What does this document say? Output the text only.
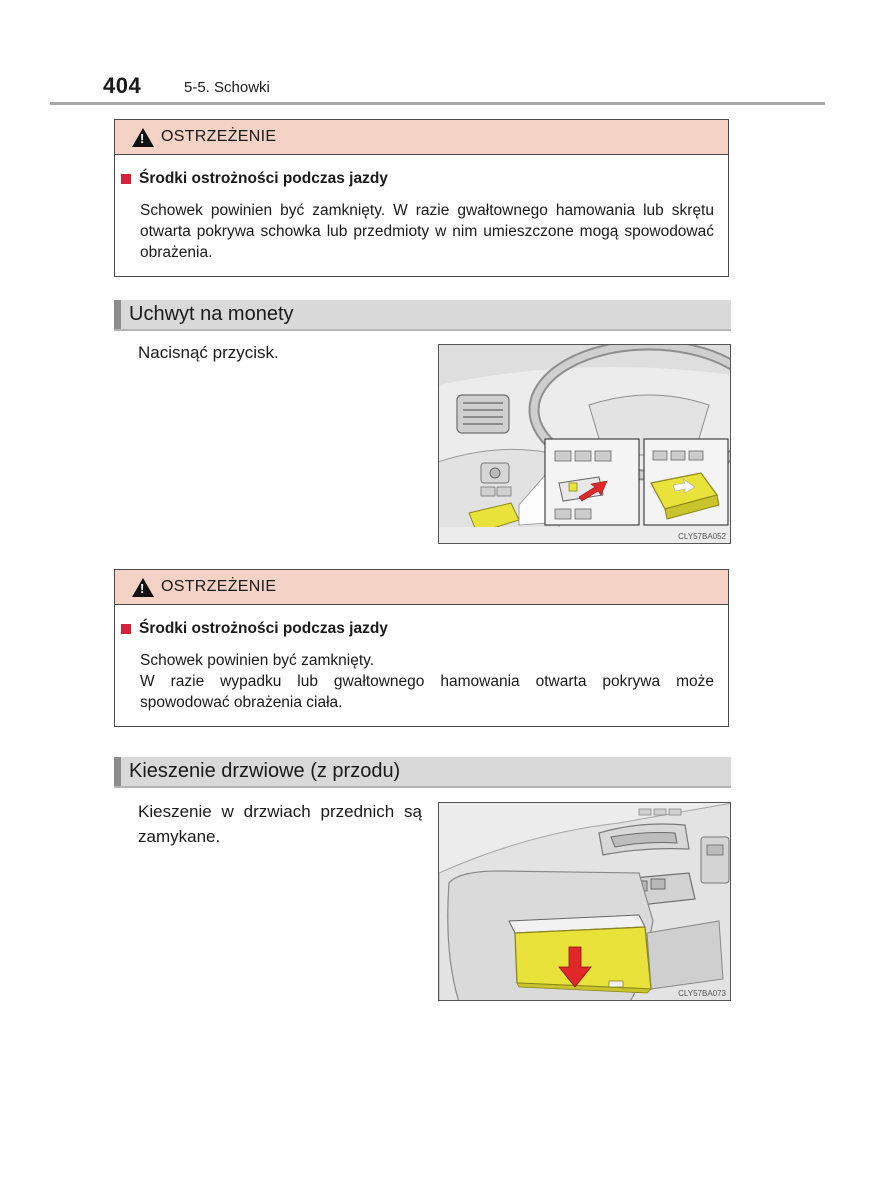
404	5-5. Schowki
! OSTRZEŻENIE
Środki ostrożności podczas jazdy
Schowek powinien być zamknięty. W razie gwałtownego hamowania lub skrętu otwarta pokrywa schowka lub przedmioty w nim umieszczone mogą spowodować obrażenia.
Uchwyt na monety
Nacisnąć przycisk.
CLY57BA052
! OSTRZEŻENIE
Środki ostrożności podczas jazdy
Schowek powinien być zamknięty.
W razie wypadku lub gwałtownego hamowania otwarta pokrywa może spowodować obrażenia ciała.
Kieszenie drzwiowe (z przodu)
Kieszenie w drzwiach przednich są zamykane.
CLY57BA073
